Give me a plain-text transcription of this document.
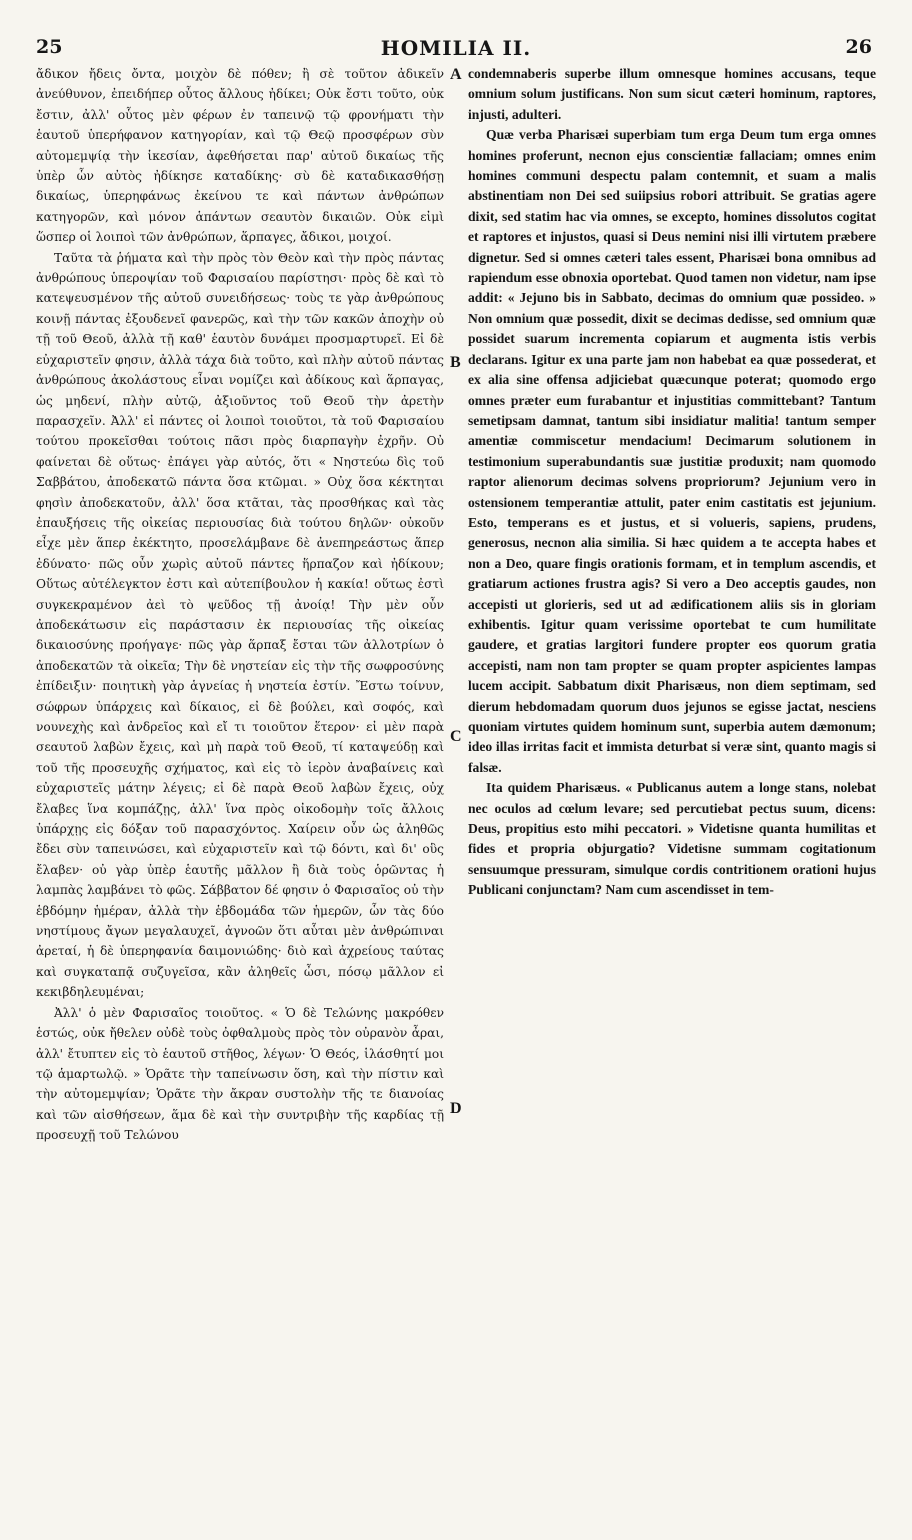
25	HOMILIA II.	26

ἄδικον ἤδεις ὄντα, μοιχὸν δὲ πόθεν; ἢ σὲ τοῦτον ἀδικεῖν ἀνεύθυνον, ἐπειδήπερ οὗτος ἄλλους ἠδίκει; Οὐκ ἔστι τοῦτο, οὐκ ἔστιν, ἀλλ' οὗτος μὲν φέρων ἐν ταπεινῷ τῷ φρονήματι τὴν ἑαυτοῦ ὑπερήφανον κατηγορίαν, καὶ τῷ Θεῷ προσφέρων σὺν αὐτομεμψίᾳ τὴν ἱκεσίαν, ἀφεθήσεται παρ' αὐτοῦ δικαίως τῆς ὑπὲρ ὧν αὐτὸς ἠδίκησε καταδίκης· σὺ δὲ καταδικασθήσῃ δικαίως, ὑπερηφάνως ἐκείνου τε καὶ πάντων ἀνθρώπων κατηγορῶν, καὶ μόνον ἁπάντων σεαυτὸν δικαιῶν. Οὐκ εἰμὶ ὥσπερ οἱ λοιποὶ τῶν ἀνθρώπων, ἅρπαγες, ἄδικοι, μοιχοί.

Ταῦτα τὰ ῥήματα καὶ τὴν πρὸς τὸν Θεὸν καὶ τὴν πρὸς πάντας ἀνθρώπους ὑπεροψίαν τοῦ Φαρισαίου παρίστησι· πρὸς δὲ καὶ τὸ κατεψευσμένον τῆς αὐτοῦ συνειδήσεως· τοὺς τε γὰρ ἀνθρώπους κοινῇ πάντας ἐξουδενεῖ φανερῶς, καὶ τὴν τῶν κακῶν ἀποχὴν οὐ τῇ τοῦ Θεοῦ, ἀλλὰ τῇ καθ' ἑαυτὸν δυνάμει προσμαρτυρεῖ. Εἰ δὲ εὐχαριστεῖν φησιν, ἀλλὰ τάχα διὰ τοῦτο, καὶ πλὴν αὐτοῦ πάντας ἀνθρώπους ἀκολάστους εἶναι νομίζει καὶ ἀδίκους καὶ ἅρπαγας, ὡς μηδενί, πλὴν αὐτῷ, ἀξιοῦντος τοῦ Θεοῦ τὴν ἀρετὴν παρασχεῖν. Ἀλλ' εἰ πάντες οἱ λοιποὶ τοιοῦτοι, τὰ τοῦ Φαρισαίου τούτου προκεῖσθαι τούτοις πᾶσι πρὸς διαρπαγὴν ἐχρῆν. Οὐ φαίνεται δὲ οὕτως· ἐπάγει γὰρ αὐτός, ὅτι « Νηστεύω δὶς τοῦ Σαββάτου, ἀποδεκατῶ πάντα ὅσα κτῶμαι. » Οὐχ ὅσα κέκτηται φησὶν ἀποδεκατοῦν, ἀλλ' ὅσα κτᾶται, τὰς προσθήκας καὶ τὰς ἐπαυξήσεις τῆς οἰκείας περιουσίας διὰ τούτου δηλῶν· οὐκοῦν εἶχε μὲν ἅπερ ἐκέκτητο, προσελάμβανε δὲ ἀνεπηρεάστως ἅπερ ἐδύνατο· πῶς οὖν χωρὶς αὐτοῦ πάντες ἥρπαζον καὶ ἠδίκουν; Οὕτως αὐτέλεγκτον ἐστι καὶ αὐτεπίβουλον ἡ κακία! οὕτως ἐστὶ συγκεκραμένον ἀεὶ τὸ ψεῦδος τῇ ἀνοίᾳ! Τὴν μὲν οὖν ἀποδεκάτωσιν εἰς παράστασιν ἐκ περιουσίας τῆς οἰκείας δικαιοσύνης προήγαγε· πῶς γὰρ ἅρπαξ ἔσται τῶν ἀλλοτρίων ὁ ἀποδεκατῶν τὰ οἰκεῖα; Τὴν δὲ νηστείαν εἰς τὴν τῆς σωφροσύνης ἐπίδειξιν· ποιητικὴ γὰρ ἁγνείας ἡ νηστεία ἐστίν. Ἔστω τοίνυν, σώφρων ὑπάρχεις καὶ δίκαιος, εἰ δὲ βούλει, καὶ σοφός, καὶ νουνεχὴς καὶ ἀνδρεῖος καὶ εἴ τι τοιοῦτον ἕτερον· εἰ μὲν παρὰ σεαυτοῦ λαβὼν ἔχεις, καὶ μὴ παρὰ τοῦ Θεοῦ, τί καταψεύδῃ καὶ τοῦ τῆς προσευχῆς σχήματος, καὶ εἰς τὸ ἱερὸν ἀναβαίνεις καὶ εὐχαριστεῖς μάτην λέγεις; εἰ δὲ παρὰ Θεοῦ λαβὼν ἔχεις, οὐχ ἔλαβες ἵνα κομπάζῃς, ἀλλ' ἵνα πρὸς οἰκοδομὴν τοῖς ἄλλοις ὑπάρχῃς εἰς δόξαν τοῦ παρασχόντος. Χαίρειν οὖν ὡς ἀληθῶς ἔδει σὺν ταπεινώσει, καὶ εὐχαριστεῖν καὶ τῷ δόντι, καὶ δι' οὓς ἔλαβεν· οὐ γὰρ ὑπὲρ ἑαυτῆς μᾶλλον ἢ διὰ τοὺς ὁρῶντας ἡ λαμπὰς λαμβάνει τὸ φῶς. Σάββατον δέ φησιν ὁ Φαρισαῖος οὐ τὴν ἑβδόμην ἡμέραν, ἀλλὰ τὴν ἑβδομάδα τῶν ἡμερῶν, ὧν τὰς δύο νηστίμους ἄγων μεγαλαυχεῖ, ἀγνοῶν ὅτι αὗται μὲν ἀνθρώπιναι ἀρεταί, ἡ δὲ ὑπερηφανία δαιμονιώδης· διὸ καὶ ἀχρείους ταύτας καὶ συγκαταπᾷ συζυγεῖσα, κἂν ἀληθεῖς ὦσι, πόσῳ μᾶλλον εἰ κεκιβδηλευμέναι;

Ἀλλ' ὁ μὲν Φαρισαῖος τοιοῦτος. « Ὁ δὲ Τελώνης μακρόθεν ἑστώς, οὐκ ἤθελεν οὐδὲ τοὺς ὀφθαλμοὺς πρὸς τὸν οὐρανὸν ἆραι, ἀλλ' ἔτυπτεν εἰς τὸ ἑαυτοῦ στῆθος, λέγων· Ὁ Θεός, ἱλάσθητί μοι τῷ ἁμαρτωλῷ. » Ὁρᾶτε τὴν ταπείνωσιν ὅση, καὶ τὴν πίστιν καὶ τὴν αὐτομεμψίαν; Ὁρᾶτε τὴν ἄκραν συστολὴν τῆς τε διανοίας καὶ τῶν αἰσθήσεων, ἅμα δὲ καὶ τὴν συντριβὴν τῆς καρδίας τῇ προσευχῇ τοῦ Τελώνου

A
B
C
D

condemnaberis superbe illum omnesque homines accusans, teque omnium solum justificans. Non sum sicut cæteri hominum, raptores, injusti, adulteri.

Quæ verba Pharisæi superbiam tum erga Deum tum erga omnes homines proferunt, necnon ejus conscientiæ fallaciam; omnes enim homines communi despectu palam contemnit, et suam a malis abstinentiam non Dei sed suiipsius robori attribuit. Se gratias agere dixit, sed statim hac via omnes, se excepto, homines dissolutos cogitat et raptores et injustos, quasi si Deus nemini nisi illi virtutem præbere dignetur. Sed si omnes cæteri tales essent, Pharisæi bona omnibus ad rapiendum esse obnoxia oportebat. Quod tamen non videtur, nam ipse addit: « Jejuno bis in Sabbato, decimas do omnium quæ possideo. » Non omnium quæ possedit, dixit se decimas dedisse, sed omnium quæ possidet suarum incrementa copiarum et augmenta istis verbis declarans. Igitur ex una parte jam non habebat ea quæ possederat, et ex alia sine offensa adjiciebat quæcunque poterat; quomodo ergo omnes præter eum furabantur et injustitias committebant? Tantum semetipsam damnat, tantum sibi insidiatur malitia! tantum semper amentiæ commiscetur mendacium! Decimarum solutionem in testimonium superabundantis suæ justitiæ produxit; nam quomodo raptor alienorum decimas solvens propriorum? Jejunium vero in ostensionem temperantiæ attulit, pater enim castitatis est jejunium. Esto, temperans es et justus, et si volueris, sapiens, prudens, generosus, necnon alia similia. Si hæc quidem a te accepta habes et non a Deo, quare fingis orationis formam, et in templum ascendis, et gratiarum actiones frustra agis? Si vero a Deo acceptis gaudes, non accepisti ut glorieris, sed ut ad ædificationem aliis sis in gloriam exhibentis. Igitur quam verissime oportebat te cum humilitate gaudere, et gratias largitori fundere propter eos quorum gratia accepisti, nam non tam propter se quam propter aspicientes lampas lucem accipit. Sabbatum dixit Pharisæus, non diem septimam, sed dierum hebdomadam quorum duos jejunos se egisse jactat, nesciens quoniam virtutes quidem hominum sunt, superbia autem dæmonum; ideo illas irritas facit et immista deturbat si veræ sint, quanto magis si falsæ.

Ita quidem Pharisæus. « Publicanus autem a longe stans, nolebat nec oculos ad cœlum levare; sed percutiebat pectus suum, dicens: Deus, propitius esto mihi peccatori. » Videtisne quanta humilitas et fides et propria objurgatio? Videtisne summam cogitationum sensuumque pressuram, simulque cordis contritionem orationi hujus Publicani conjunctam? Nam cum ascendisset in tem-
